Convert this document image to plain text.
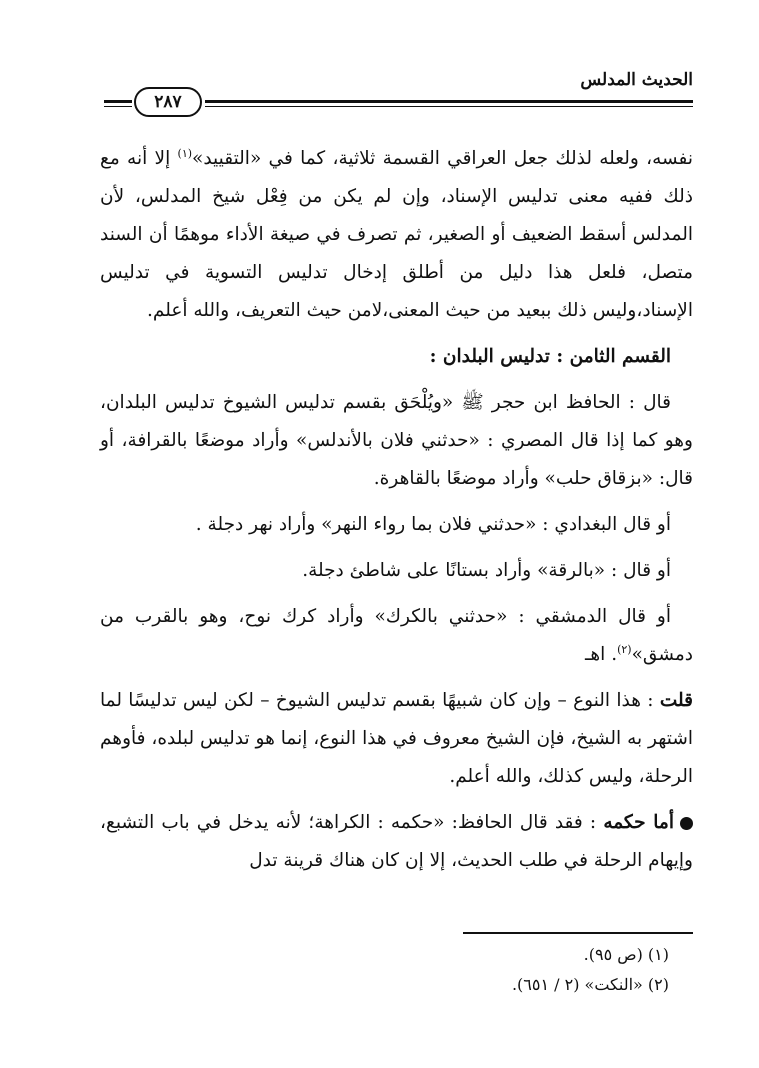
الحديث المدلس
٢٨٧

نفسه، ولعله لذلك جعل العراقي القسمة ثلاثية، كما في «التقييد»$^{(١)}$ إلا أنه مع ذلك ففيه معنى تدليس الإسناد، وإن لم يكن من فِعْل شيخ المدلس، لأن المدلس أسقط الضعيف أو الصغير، ثم تصرف في صيغة الأداء موهمًا أن السند متصل، فلعل هذا دليل من أطلق إدخال تدليس التسوية في تدليس الإسناد،وليس ذلك ببعيد من حيث المعنى،لامن حيث التعريف، والله أعلم.

القسم الثامن : تدليس البلدان :

قال : الحافظ ابن حجر ﷺ «ويُلْحَق بقسم تدليس الشيوخ تدليس البلدان، وهو كما إذا قال المصري : «حدثني فلان بالأندلس» وأراد موضعًا بالقرافة، أو قال: «بزقاق حلب» وأراد موضعًا بالقاهرة.

أو قال البغدادي : «حدثني فلان بما رواء النهر» وأراد نهر دجلة .

أو قال : «بالرقة» وأراد بستانًا على شاطئ دجلة.

أو قال الدمشقي : «حدثني بالكرك» وأراد كرك نوح، وهو بالقرب من دمشق»$^{(٢)}$. اهـ

قلت : هذا النوع – وإن كان شبيهًا بقسم تدليس الشيوخ – لكن ليس تدليسًا لما اشتهر به الشيخ، فإن الشيخ معروف في هذا النوع، إنما هو تدليس لبلده، فأوهم الرحلة، وليس كذلك، والله أعلم.

أما حكمه : فقد قال الحافظ: «حكمه : الكراهة؛ لأنه يدخل في باب التشبع، وإيهام الرحلة في طلب الحديث، إلا إن كان هناك قرينة تدل

(١) (ص ٩٥).
(٢) «النكت» (٢ / ٦٥١).
